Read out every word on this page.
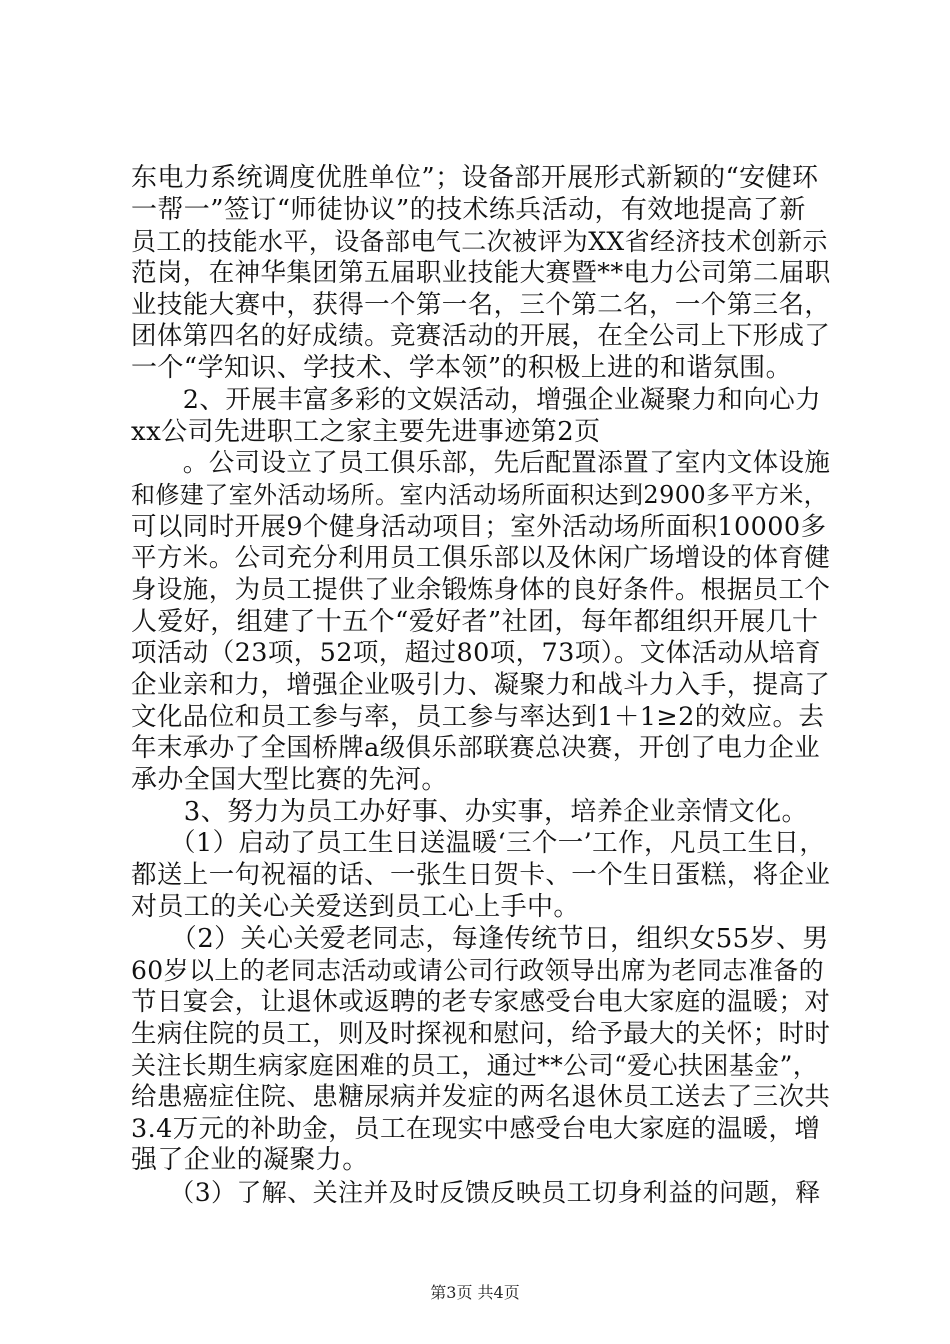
东电力系统调度优胜单位”；设备部开展形式新颖的“安健环
一帮一”签订“师徒协议”的技术练兵活动，有效地提高了新
员工的技能水平，设备部电气二次被评为XX省经济技术创新示
范岗，在神华集团第五届职业技能大赛暨**电力公司第二届职
业技能大赛中，获得一个第一名，三个第二名，一个第三名，
团体第四名的好成绩。竞赛活动的开展，在全公司上下形成了
一个“学知识、学技术、学本领”的积极上进的和谐氛围。
　　2、开展丰富多彩的文娱活动，增强企业凝聚力和向心力
xx公司先进职工之家主要先进事迹第2页
　　。公司设立了员工俱乐部，先后配置添置了室内文体设施
和修建了室外活动场所。室内活动场所面积达到2900多平方米，
可以同时开展9个健身活动项目；室外活动场所面积10000多
平方米。公司充分利用员工俱乐部以及休闲广场增设的体育健
身设施，为员工提供了业余锻炼身体的良好条件。根据员工个
人爱好，组建了十五个“爱好者”社团，每年都组织开展几十
项活动（23项，52项，超过80项，73项）。文体活动从培育
企业亲和力，增强企业吸引力、凝聚力和战斗力入手，提高了
文化品位和员工参与率，员工参与率达到1＋1≥2的效应。去
年末承办了全国桥牌a级俱乐部联赛总决赛，开创了电力企业
承办全国大型比赛的先河。
　　3、努力为员工办好事、办实事，培养企业亲情文化。
　　（1）启动了员工生日送温暖‘三个一’工作，凡员工生日，
都送上一句祝福的话、一张生日贺卡、一个生日蛋糕，将企业
对员工的关心关爱送到员工心上手中。
　　（2）关心关爱老同志，每逢传统节日，组织女55岁、男
60岁以上的老同志活动或请公司行政领导出席为老同志准备的
节日宴会，让退休或返聘的老专家感受台电大家庭的温暖；对
生病住院的员工，则及时探视和慰问，给予最大的关怀；时时
关注长期生病家庭困难的员工，通过**公司“爱心扶困基金”，
给患癌症住院、患糖尿病并发症的两名退休员工送去了三次共
3.4万元的补助金，员工在现实中感受台电大家庭的温暖，增
强了企业的凝聚力。
　　（3）了解、关注并及时反馈反映员工切身利益的问题，释
第3页 共4页
